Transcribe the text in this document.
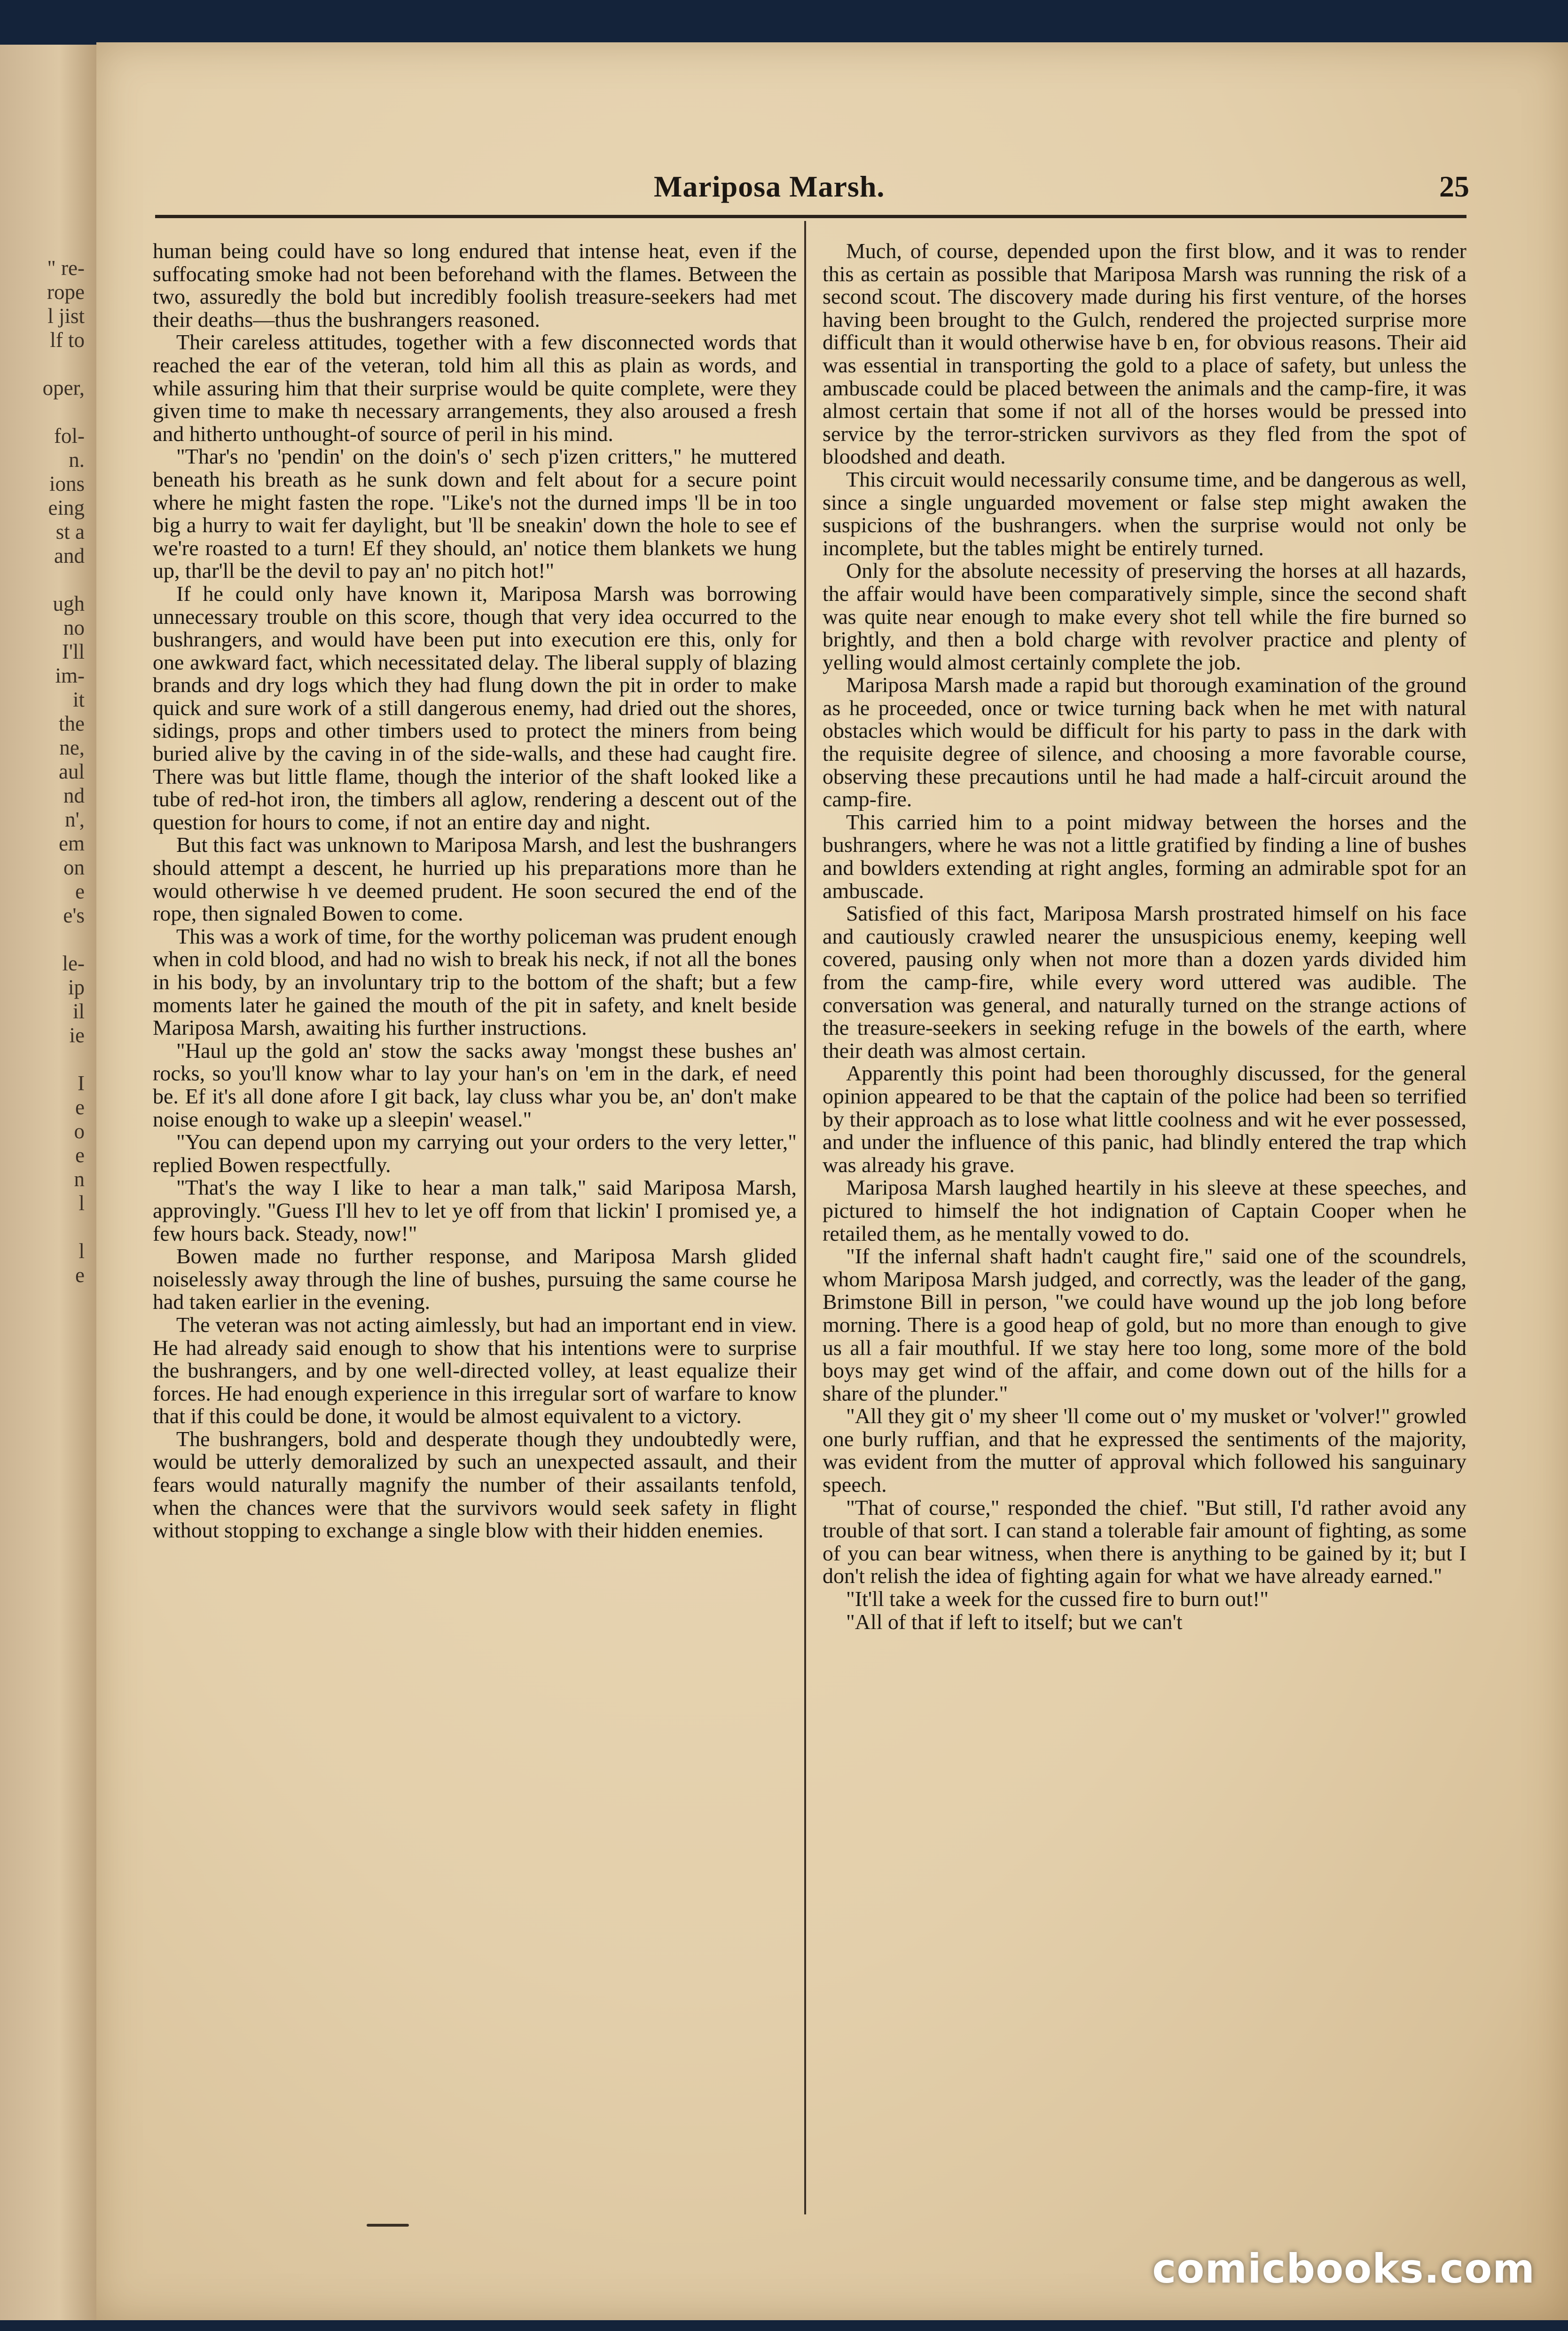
" re-
rope
l jist
lf to

oper,

fol-
n.
ions
eing
st a
and

ugh
no
I'll
im-
it
the
ne,
aul
nd
n',
em
on
e
e's

le-
ip
il
ie

I
e
o
e
n
l

l
e
Mariposa Marsh.	25

human being could have so long endured that intense heat, even if the suffocating smoke had not been beforehand with the flames. Between the two, assuredly the bold but incredibly foolish treasure-seekers had met their deaths—thus the bushrangers reasoned.

Their careless attitudes, together with a few disconnected words that reached the ear of the veteran, told him all this as plain as words, and while assuring him that their surprise would be quite complete, were they given time to make th necessary arrangements, they also aroused a fresh and hitherto unthought-of source of peril in his mind.

"Thar's no 'pendin' on the doin's o' sech p'izen critters," he muttered beneath his breath as he sunk down and felt about for a secure point where he might fasten the rope. "Like's not the durned imps 'll be in too big a hurry to wait fer daylight, but 'll be sneakin' down the hole to see ef we're roasted to a turn! Ef they should, an' notice them blankets we hung up, thar'll be the devil to pay an' no pitch hot!"

If he could only have known it, Mariposa Marsh was borrowing unnecessary trouble on this score, though that very idea occurred to the bushrangers, and would have been put into execution ere this, only for one awkward fact, which necessitated delay. The liberal supply of blazing brands and dry logs which they had flung down the pit in order to make quick and sure work of a still dangerous enemy, had dried out the shores, sidings, props and other timbers used to protect the miners from being buried alive by the caving in of the side-walls, and these had caught fire. There was but little flame, though the interior of the shaft looked like a tube of red-hot iron, the timbers all aglow, rendering a descent out of the question for hours to come, if not an entire day and night.

But this fact was unknown to Mariposa Marsh, and lest the bushrangers should attempt a descent, he hurried up his preparations more than he would otherwise h ve deemed prudent. He soon secured the end of the rope, then signaled Bowen to come.

This was a work of time, for the worthy policeman was prudent enough when in cold blood, and had no wish to break his neck, if not all the bones in his body, by an involuntary trip to the bottom of the shaft; but a few moments later he gained the mouth of the pit in safety, and knelt beside Mariposa Marsh, awaiting his further instructions.

"Haul up the gold an' stow the sacks away 'mongst these bushes an' rocks, so you'll know whar to lay your han's on 'em in the dark, ef need be. Ef it's all done afore I git back, lay cluss whar you be, an' don't make noise enough to wake up a sleepin' weasel."

"You can depend upon my carrying out your orders to the very letter," replied Bowen respectfully.

"That's the way I like to hear a man talk," said Mariposa Marsh, approvingly. "Guess I'll hev to let ye off from that lickin' I promised ye, a few hours back. Steady, now!"

Bowen made no further response, and Mariposa Marsh glided noiselessly away through the line of bushes, pursuing the same course he had taken earlier in the evening.

The veteran was not acting aimlessly, but had an important end in view. He had already said enough to show that his intentions were to surprise the bushrangers, and by one well-directed volley, at least equalize their forces. He had enough experience in this irregular sort of warfare to know that if this could be done, it would be almost equivalent to a victory.

The bushrangers, bold and desperate though they undoubtedly were, would be utterly demoralized by such an unexpected assault, and their fears would naturally magnify the number of their assailants tenfold, when the chances were that the survivors would seek safety in flight without stopping to exchange a single blow with their hidden enemies.

Much, of course, depended upon the first blow, and it was to render this as certain as possible that Mariposa Marsh was running the risk of a second scout. The discovery made during his first venture, of the horses having been brought to the Gulch, rendered the projected surprise more difficult than it would otherwise have b en, for obvious reasons. Their aid was essential in transporting the gold to a place of safety, but unless the ambuscade could be placed between the animals and the camp-fire, it was almost certain that some if not all of the horses would be pressed into service by the terror-stricken survivors as they fled from the spot of bloodshed and death.

This circuit would necessarily consume time, and be dangerous as well, since a single unguarded movement or false step might awaken the suspicions of the bushrangers. when the surprise would not only be incomplete, but the tables might be entirely turned.

Only for the absolute necessity of preserving the horses at all hazards, the affair would have been comparatively simple, since the second shaft was quite near enough to make every shot tell while the fire burned so brightly, and then a bold charge with revolver practice and plenty of yelling would almost certainly complete the job.

Mariposa Marsh made a rapid but thorough examination of the ground as he proceeded, once or twice turning back when he met with natural obstacles which would be difficult for his party to pass in the dark with the requisite degree of silence, and choosing a more favorable course, observing these precautions until he had made a half-circuit around the camp-fire.

This carried him to a point midway between the horses and the bushrangers, where he was not a little gratified by finding a line of bushes and bowlders extending at right angles, forming an admirable spot for an ambuscade.

Satisfied of this fact, Mariposa Marsh prostrated himself on his face and cautiously crawled nearer the unsuspicious enemy, keeping well covered, pausing only when not more than a dozen yards divided him from the camp-fire, while every word uttered was audible. The conversation was general, and naturally turned on the strange actions of the treasure-seekers in seeking refuge in the bowels of the earth, where their death was almost certain.

Apparently this point had been thoroughly discussed, for the general opinion appeared to be that the captain of the police had been so terrified by their approach as to lose what little coolness and wit he ever possessed, and under the influence of this panic, had blindly entered the trap which was already his grave.

Mariposa Marsh laughed heartily in his sleeve at these speeches, and pictured to himself the hot indignation of Captain Cooper when he retailed them, as he mentally vowed to do.

"If the infernal shaft hadn't caught fire," said one of the scoundrels, whom Mariposa Marsh judged, and correctly, was the leader of the gang, Brimstone Bill in person, "we could have wound up the job long before morning. There is a good heap of gold, but no more than enough to give us all a fair mouthful. If we stay here too long, some more of the bold boys may get wind of the affair, and come down out of the hills for a share of the plunder."

"All they git o' my sheer 'll come out o' my musket or 'volver!" growled one burly ruffian, and that he expressed the sentiments of the majority, was evident from the mutter of approval which followed his sanguinary speech.

"That of course," responded the chief. "But still, I'd rather avoid any trouble of that sort. I can stand a tolerable fair amount of fighting, as some of you can bear witness, when there is anything to be gained by it; but I don't relish the idea of fighting again for what we have already earned."

"It'll take a week for the cussed fire to burn out!"

"All of that if left to itself; but we can't

comicbooks.com
